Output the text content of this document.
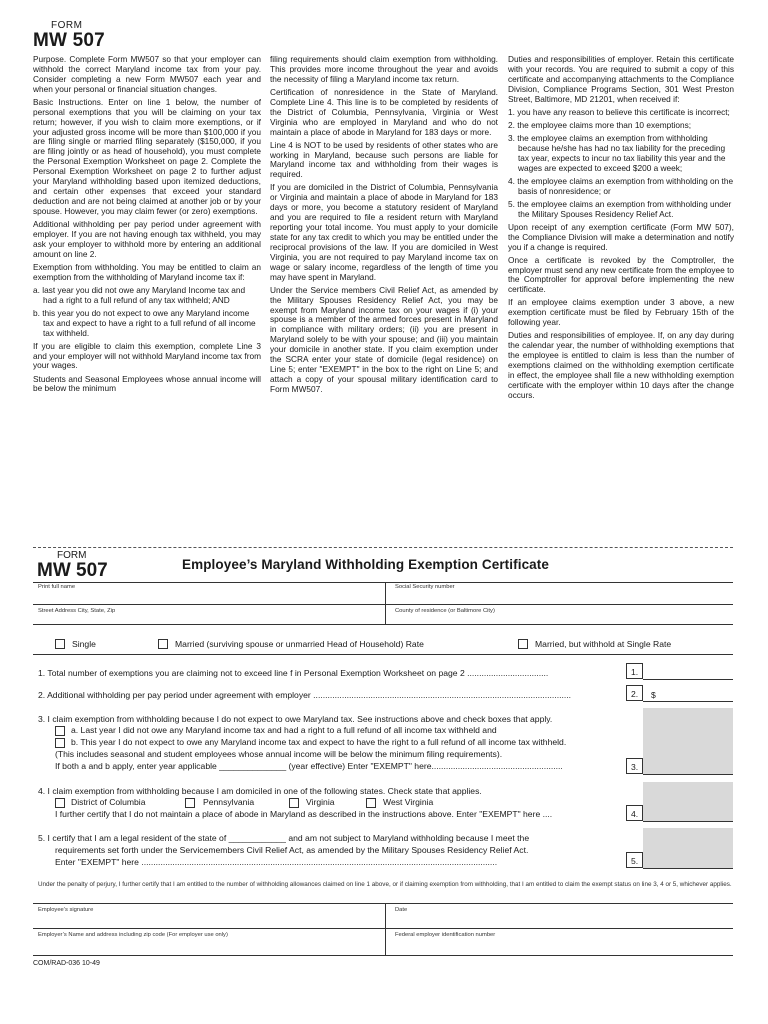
FORM
MW 507

Purpose. Complete Form MW507 so that your employer can withhold the correct Maryland income tax from your pay. Consider completing a new Form MW507 each year and when your personal or financial situation changes.

Basic Instructions. Enter on line 1 below, the number of personal exemptions that you will be claiming on your tax return; however, if you wish to claim more exemptions, or if your adjusted gross income will be more than $100,000 if you are filing single or married filing separately ($150,000, if you are filing jointly or as head of household), you must complete the Personal Exemption Worksheet on page 2. Complete the Personal Exemption Worksheet on page 2 to further adjust your Maryland withholding based upon itemized deductions, and certain other expenses that exceed your standard deduction and are not being claimed at another job or by your spouse. However, you may claim fewer (or zero) exemptions.

Additional withholding per pay period under agreement with employer. If you are not having enough tax withheld, you may ask your employer to withhold more by entering an additional amount on line 2.

Exemption from withholding. You may be entitled to claim an exemption from the withholding of Maryland income tax if:

a. last year you did not owe any Maryland Income tax and had a right to a full refund of any tax withheld; AND

b. this year you do not expect to owe any Maryland income tax and expect to have a right to a full refund of all income tax withheld.

If you are eligible to claim this exemption, complete Line 3 and your employer will not withhold Maryland income tax from your wages.

Students and Seasonal Employees whose annual income will be below the minimum

filing requirements should claim exemption from withholding. This provides more income throughout the year and avoids the necessity of filing a Maryland income tax return.

Certification of nonresidence in the State of Maryland. Complete Line 4. This line is to be completed by residents of the District of Columbia, Pennsylvania, Virginia or West Virginia who are employed in Maryland and who do not maintain a place of abode in Maryland for 183 days or more.

Line 4 is NOT to be used by residents of other states who are working in Maryland, because such persons are liable for Maryland income tax and withholding from their wages is required.

If you are domiciled in the District of Columbia, Pennsylvania or Virginia and maintain a place of abode in Maryland for 183 days or more, you become a statutory resident of Maryland and you are required to file a resident return with Maryland reporting your total income. You must apply to your domicile state for any tax credit to which you may be entitled under the reciprocal provisions of the law. If you are domiciled in West Virginia, you are not required to pay Maryland income tax on wage or salary income, regardless of the length of time you may have spent in Maryland.

Under the Service members Civil Relief Act, as amended by the Military Spouses Residency Relief Act, you may be exempt from Maryland income tax on your wages if (i) your spouse is a member of the armed forces present in Maryland in compliance with military orders; (ii) you are present in Maryland solely to be with your spouse; and (iii) you maintain your domicile in another state. If you claim exemption under the SCRA enter your state of domicile (legal residence) on Line 5; enter "EXEMPT" in the box to the right on Line 5; and attach a copy of your spousal military identification card to Form MW507.

Duties and responsibilities of employer. Retain this certificate with your records. You are required to submit a copy of this certificate and accompanying attachments to the Compliance Division, Compliance Programs Section, 301 West Preston Street, Baltimore, MD 21201, when received if:

1. you have any reason to believe this certificate is incorrect;

2. the employee claims more than 10 exemptions;

3. the employee claims an exemption from withholding because he/she has had no tax liability for the preceding tax year, expects to incur no tax liability this year and the wages are expected to exceed $200 a week;

4. the employee claims an exemption from withholding on the basis of nonresidence; or

5. the employee claims an exemption from withholding under the Military Spouses Residency Relief Act.

Upon receipt of any exemption certificate (Form MW 507), the Compliance Division will make a determination and notify you if a change is required.

Once a certificate is revoked by the Comptroller, the employer must send any new certificate from the employee to the Comptroller for approval before implementing the new certificate.

If an employee claims exemption under 3 above, a new exemption certificate must be filed by February 15th of the following year.

Duties and responsibilities of employee. If, on any day during the calendar year, the number of withholding exemptions that the employee is entitled to claim is less than the number of exemptions claimed on the withholding exemption certificate in effect, the employee shall file a new withholding exemption certificate with the employer within 10 days after the change occurs.

FORM
MW 507	Employee’s Maryland Withholding Exemption Certificate
Print full name	Social Security number
Street Address City, State, Zip	County of residence (or Baltimore City)
Single	Married (surviving spouse or unmarried Head of Household) Rate	Married, but withhold at Single Rate
1. Total number of exemptions you are claiming not to exceed line f in Personal Exemption Worksheet on page 2 ..................................	1.
2. Additional withholding per pay period under agreement with employer ............................................................................................................	2.	$
3. I claim exemption from withholding because I do not expect to owe Maryland tax. See instructions above and check boxes that apply.
a. Last year I did not owe any Maryland income tax and had a right to a full refund of all income tax withheld and
b. This year I do not expect to owe any Maryland income tax and expect to have the right to a full refund of all income tax withheld.
(This includes seasonal and student employees whose annual income will be below the minimum filing requirements).
If both a and b apply, enter year applicable ______________ (year effective) Enter "EXEMPT" here.......................................................	3.
4. I claim exemption from withholding because I am domiciled in one of the following states. Check state that applies.
District of Columbia	Pennsylvania	Virginia	West Virginia
I further certify that I do not maintain a place of abode in Maryland as described in the instructions above. Enter "EXEMPT" here ....	4.
5. I certify that I am a legal resident of the state of ____________ and am not subject to Maryland withholding because I meet the
requirements set forth under the Servicemembers Civil Relief Act, as amended by the Military Spouses Residency Relief Act.
Enter "EXEMPT" here .....................................................................................................................................................	5.
Under the penalty of perjury, I further certify that I am entitled to the number of withholding allowances claimed on line 1 above, or if claiming exemption from withholding, that I am entitled to claim the exempt status on line 3, 4 or 5, whichever applies.
Employee’s signature	Date
Employer’s Name and address including zip code (For employer use only)	Federal employer identification number
COM/RAD-036 10-49
